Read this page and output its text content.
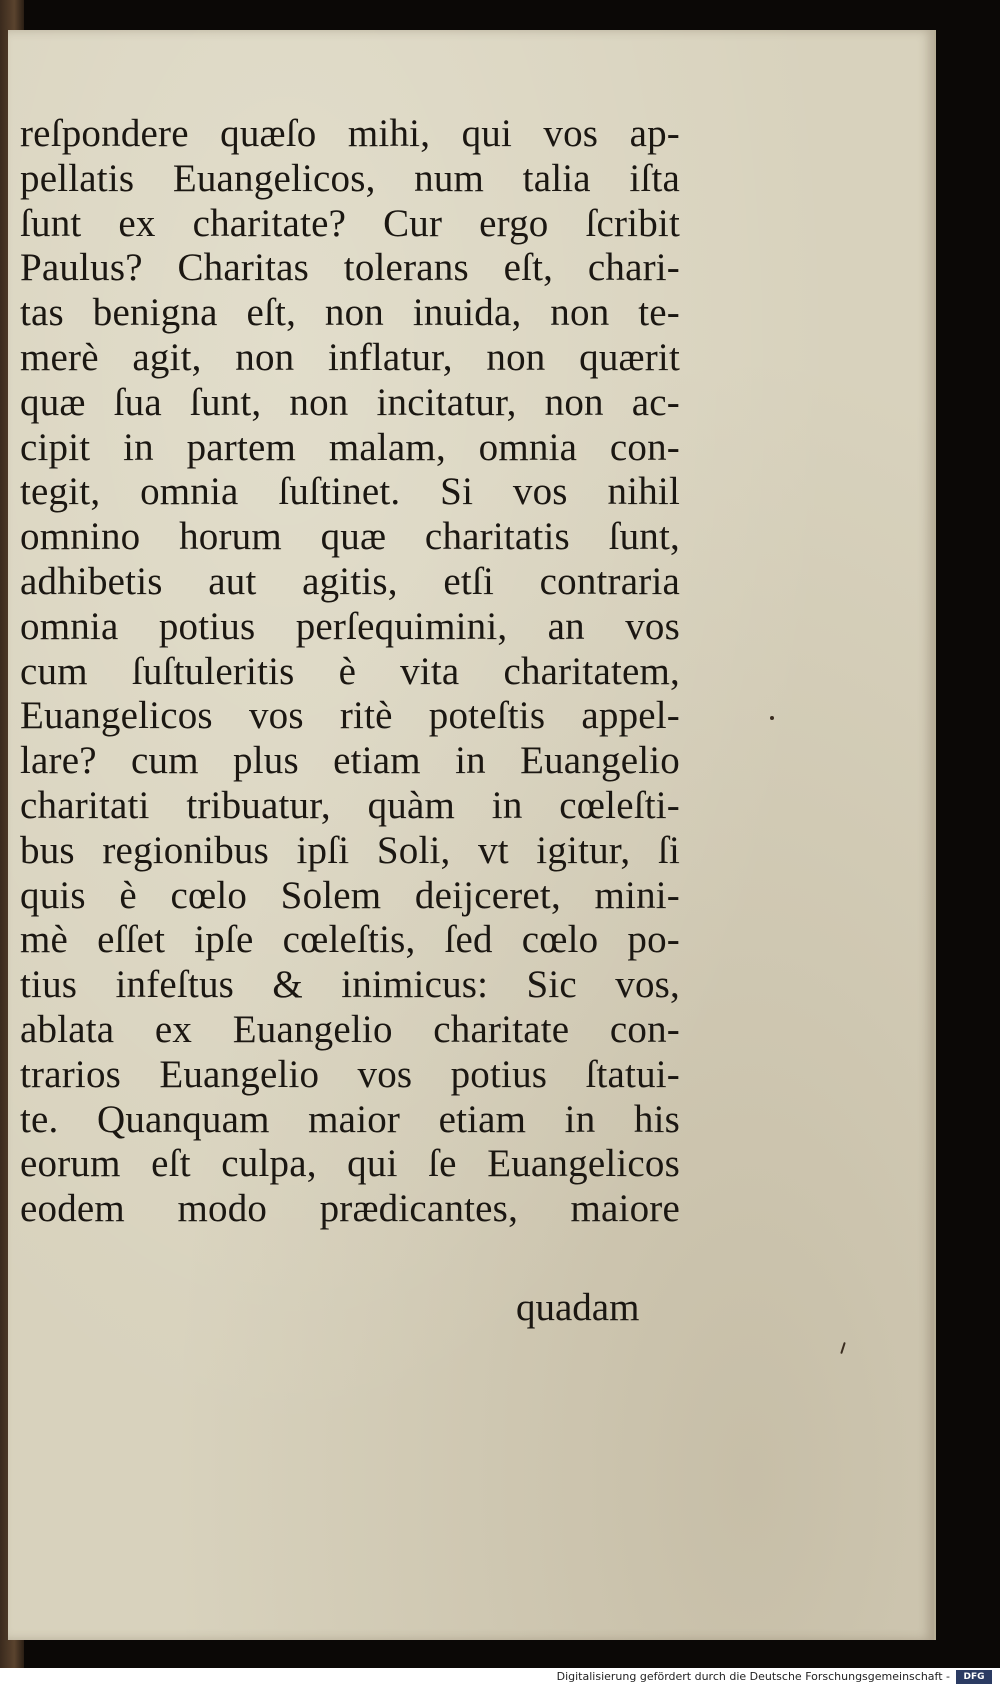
reſpondere quæſo mihi, qui vos ap-
pellatis Euangelicos, num talia iſta
ſunt ex charitate? Cur ergo ſcribit
Paulus? Charitas tolerans eſt, chari-
tas benigna eſt, non inuida, non te-
merè agit, non inflatur, non quærit
quæ ſua ſunt, non incitatur, non ac-
cipit in partem malam, omnia con-
tegit, omnia ſuſtinet. Si vos nihil
omnino horum quæ charitatis ſunt,
adhibetis aut agitis, etſi contraria
omnia potius perſequimini, an vos
cum ſuſtuleritis è vita charitatem,
Euangelicos vos ritè poteſtis appel-
lare? cum plus etiam in Euangelio
charitati tribuatur, quàm in cœleſti-
bus regionibus ipſi Soli, vt igitur, ſi
quis è cœlo Solem deijceret, mini-
mè eſſet ipſe cœleſtis, ſed cœlo po-
tius infeſtus & inimicus: Sic vos,
ablata ex Euangelio charitate con-
trarios Euangelio vos potius ſtatui-
te. Quanquam maior etiam in his
eorum eſt culpa, qui ſe Euangelicos
eodem modo prædicantes, maiore
quadam
Digitalisierung gefördert durch die Deutsche Forschungsgemeinschaft -	DFG
